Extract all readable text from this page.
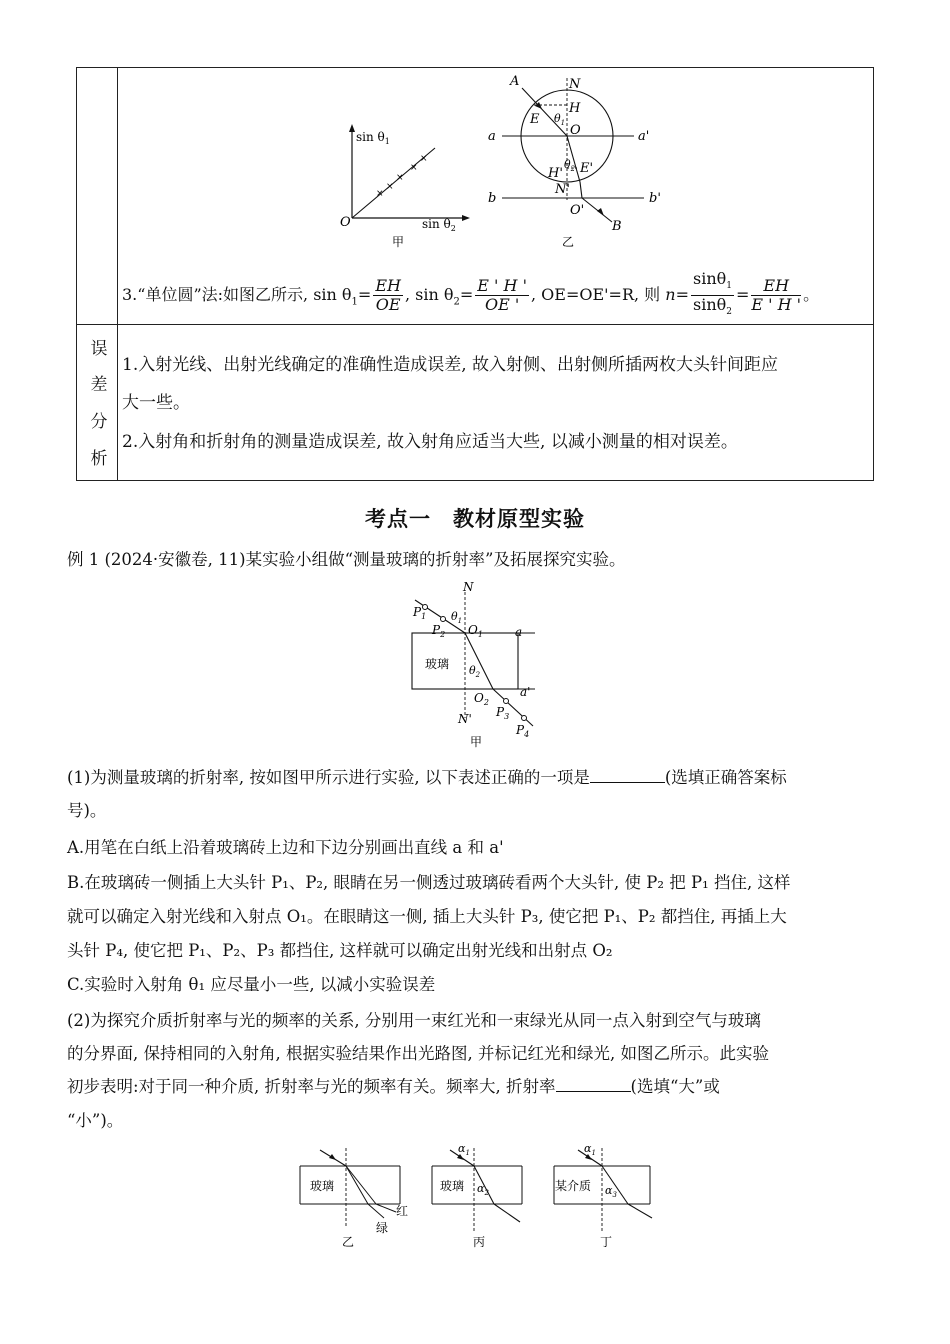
×
×
×
×
×
$\sin \theta_1$
$\sin \theta_2$
O
甲
A	N
H
E $\theta_1$ O
a	a'
$\theta_2$ E'
H'
N'
b	b'
O'
B
乙
3.“单位圆”法:如图乙所示, $\sin \theta_1= \frac{EH}{OE}$ , $\sin \theta_2= \frac{E ' H '}{OE '}$ , OE=OE'=R, 则 $n= \frac{\sin\theta_1}{\sin\theta_2} = \frac{EH}{E ' H '}$ 。
误
差
分
析
1.入射光线、出射光线确定的准确性造成误差, 故入射侧、出射侧所插两枚大头针间距应
大一些。
2.入射角和折射角的测量造成误差, 故入射角应适当大些, 以减小测量的相对误差。
考点一　教材原型实验
例 1 (2024·安徽卷, 11)某实验小组做“测量玻璃的折射率”及拓展探究实验。
N
$P_1$
$P_2$
$\theta_1$
$O_1$	a
玻璃 $\theta_2$
$O_2$
a'
$P_3$
N'
$P_4$
甲
(1)为测量玻璃的折射率, 按如图甲所示进行实验, 以下表述正确的一项是	(选填正确答案标
号)。
A.用笔在白纸上沿着玻璃砖上边和下边分别画出直线 a 和 a'
B.在玻璃砖一侧插上大头针 P₁、P₂, 眼睛在另一侧透过玻璃砖看两个大头针, 使 P₂ 把 P₁ 挡住, 这样
就可以确定入射光线和入射点 O₁。在眼睛这一侧, 插上大头针 P₃, 使它把 P₁、P₂ 都挡住, 再插上大
头针 P₄, 使它把 P₁、P₂、P₃ 都挡住, 这样就可以确定出射光线和出射点 O₂
C.实验时入射角 θ₁ 应尽量小一些, 以减小实验误差
(2)为探究介质折射率与光的频率的关系, 分别用一束红光和一束绿光从同一点入射到空气与玻璃
的分界面, 保持相同的入射角, 根据实验结果作出光路图, 并标记红光和绿光, 如图乙所示。此实验
初步表明:对于同一种介质, 折射率与光的频率有关。频率大, 折射率	(选填“大”或
“小”)。
玻璃
红
绿
乙
$\alpha_1$
玻璃 $\alpha_2$
丙
$\alpha_1$
某介质 $\alpha_3$
丁
